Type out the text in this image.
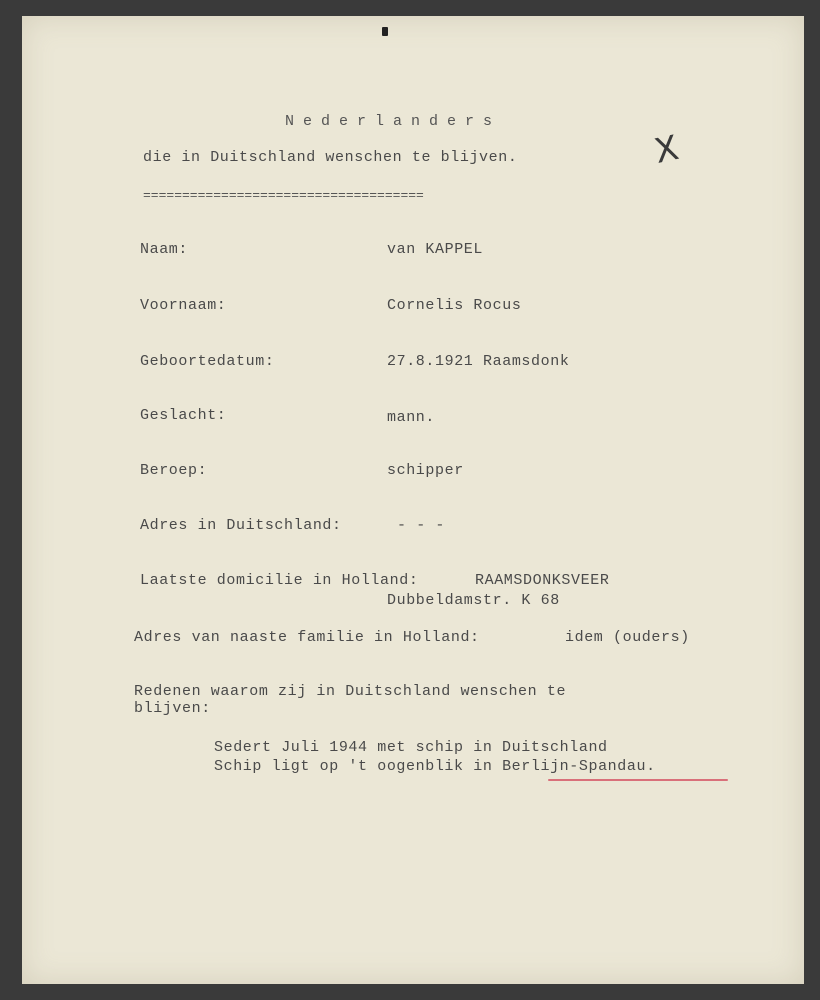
Nederlanders
die in Duitschland wenschen te blijven.	X
====================================
Naam:	van KAPPEL
Voornaam:	Cornelis Rocus
Geboortedatum:	27.8.1921 Raamsdonk
Geslacht:	mann.
Beroep:	schipper
Adres in Duitschland:	- - -
Laatste domicilie in Holland:	RAAMSDONKSVEER
Dubbeldamstr. K 68
Adres van naaste familie in Holland:	idem (ouders)
Redenen waarom zij in Duitschland wenschen te
blijven:
Sedert Juli 1944 met schip in Duitschland
Schip ligt op 't oogenblik in Berlijn-Spandau.
